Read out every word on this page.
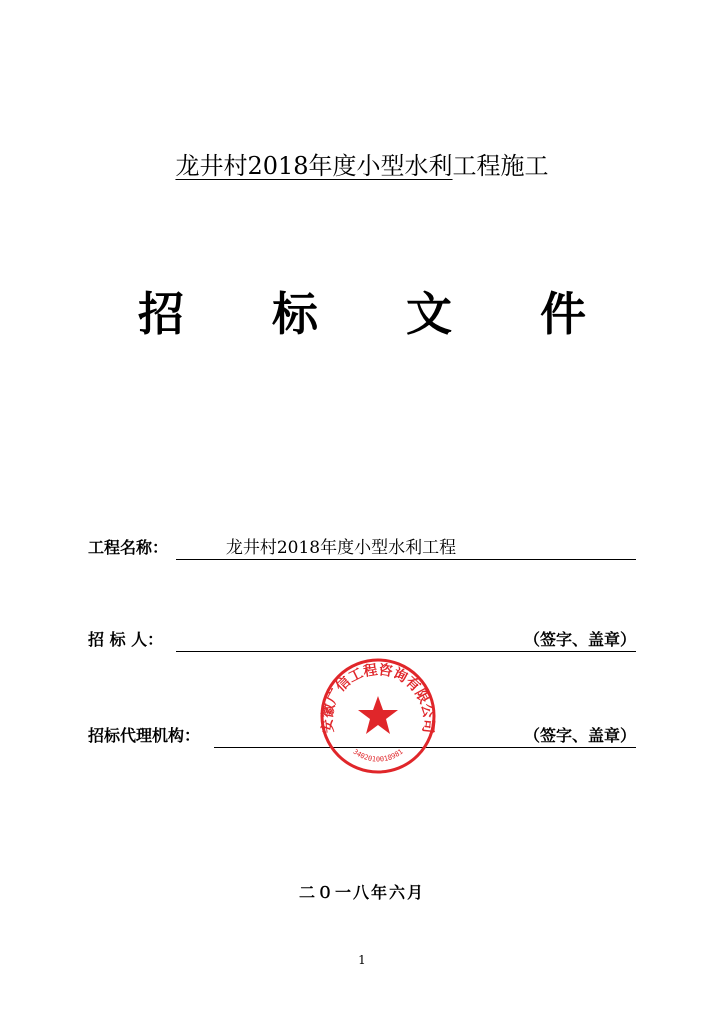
龙井村2018年度小型水利工程施工
招 标 文 件
工程名称：	龙井村2018年度小型水利工程
招 标 人：	（签字、盖章）
招标代理机构：	（签字、盖章）
安徽广信工程咨询有限公司
3402010018981
二０一八年六月
1
